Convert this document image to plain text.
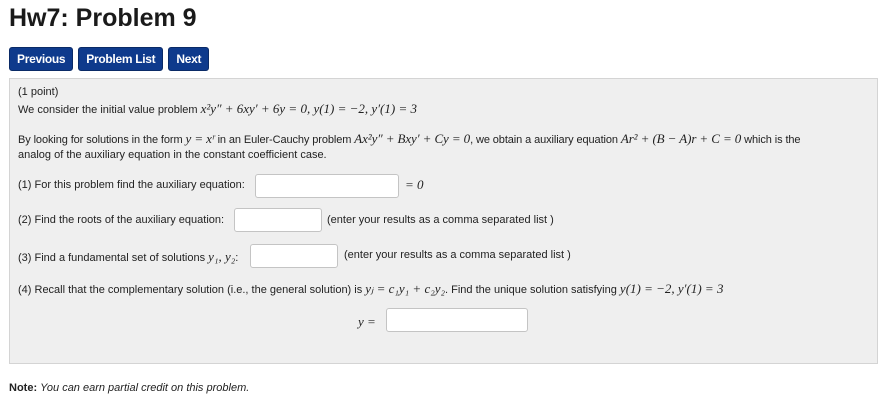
Hw7: Problem 9
Previous	Problem List	Next
(1 point)
We consider the initial value problem x²y″ + 6xy′ + 6y = 0, y(1) = −2, y′(1) = 3
By looking for solutions in the form y = xʳ in an Euler-Cauchy problem Ax²y″ + Bxy′ + Cy = 0, we obtain a auxiliary equation Ar² + (B − A)r + C = 0 which is the
analog of the auxiliary equation in the constant coefficient case.
(1) For this problem find the auxiliary equation:	= 0
(2) Find the roots of the auxiliary equation:	(enter your results as a comma separated list )
(3) Find a fundamental set of solutions y₁, y₂:	(enter your results as a comma separated list )
(4) Recall that the complementary solution (i.e., the general solution) is yⱼ = c₁y₁ + c₂y₂. Find the unique solution satisfying y(1) = −2, y′(1) = 3
y =
Note: You can earn partial credit on this problem.
